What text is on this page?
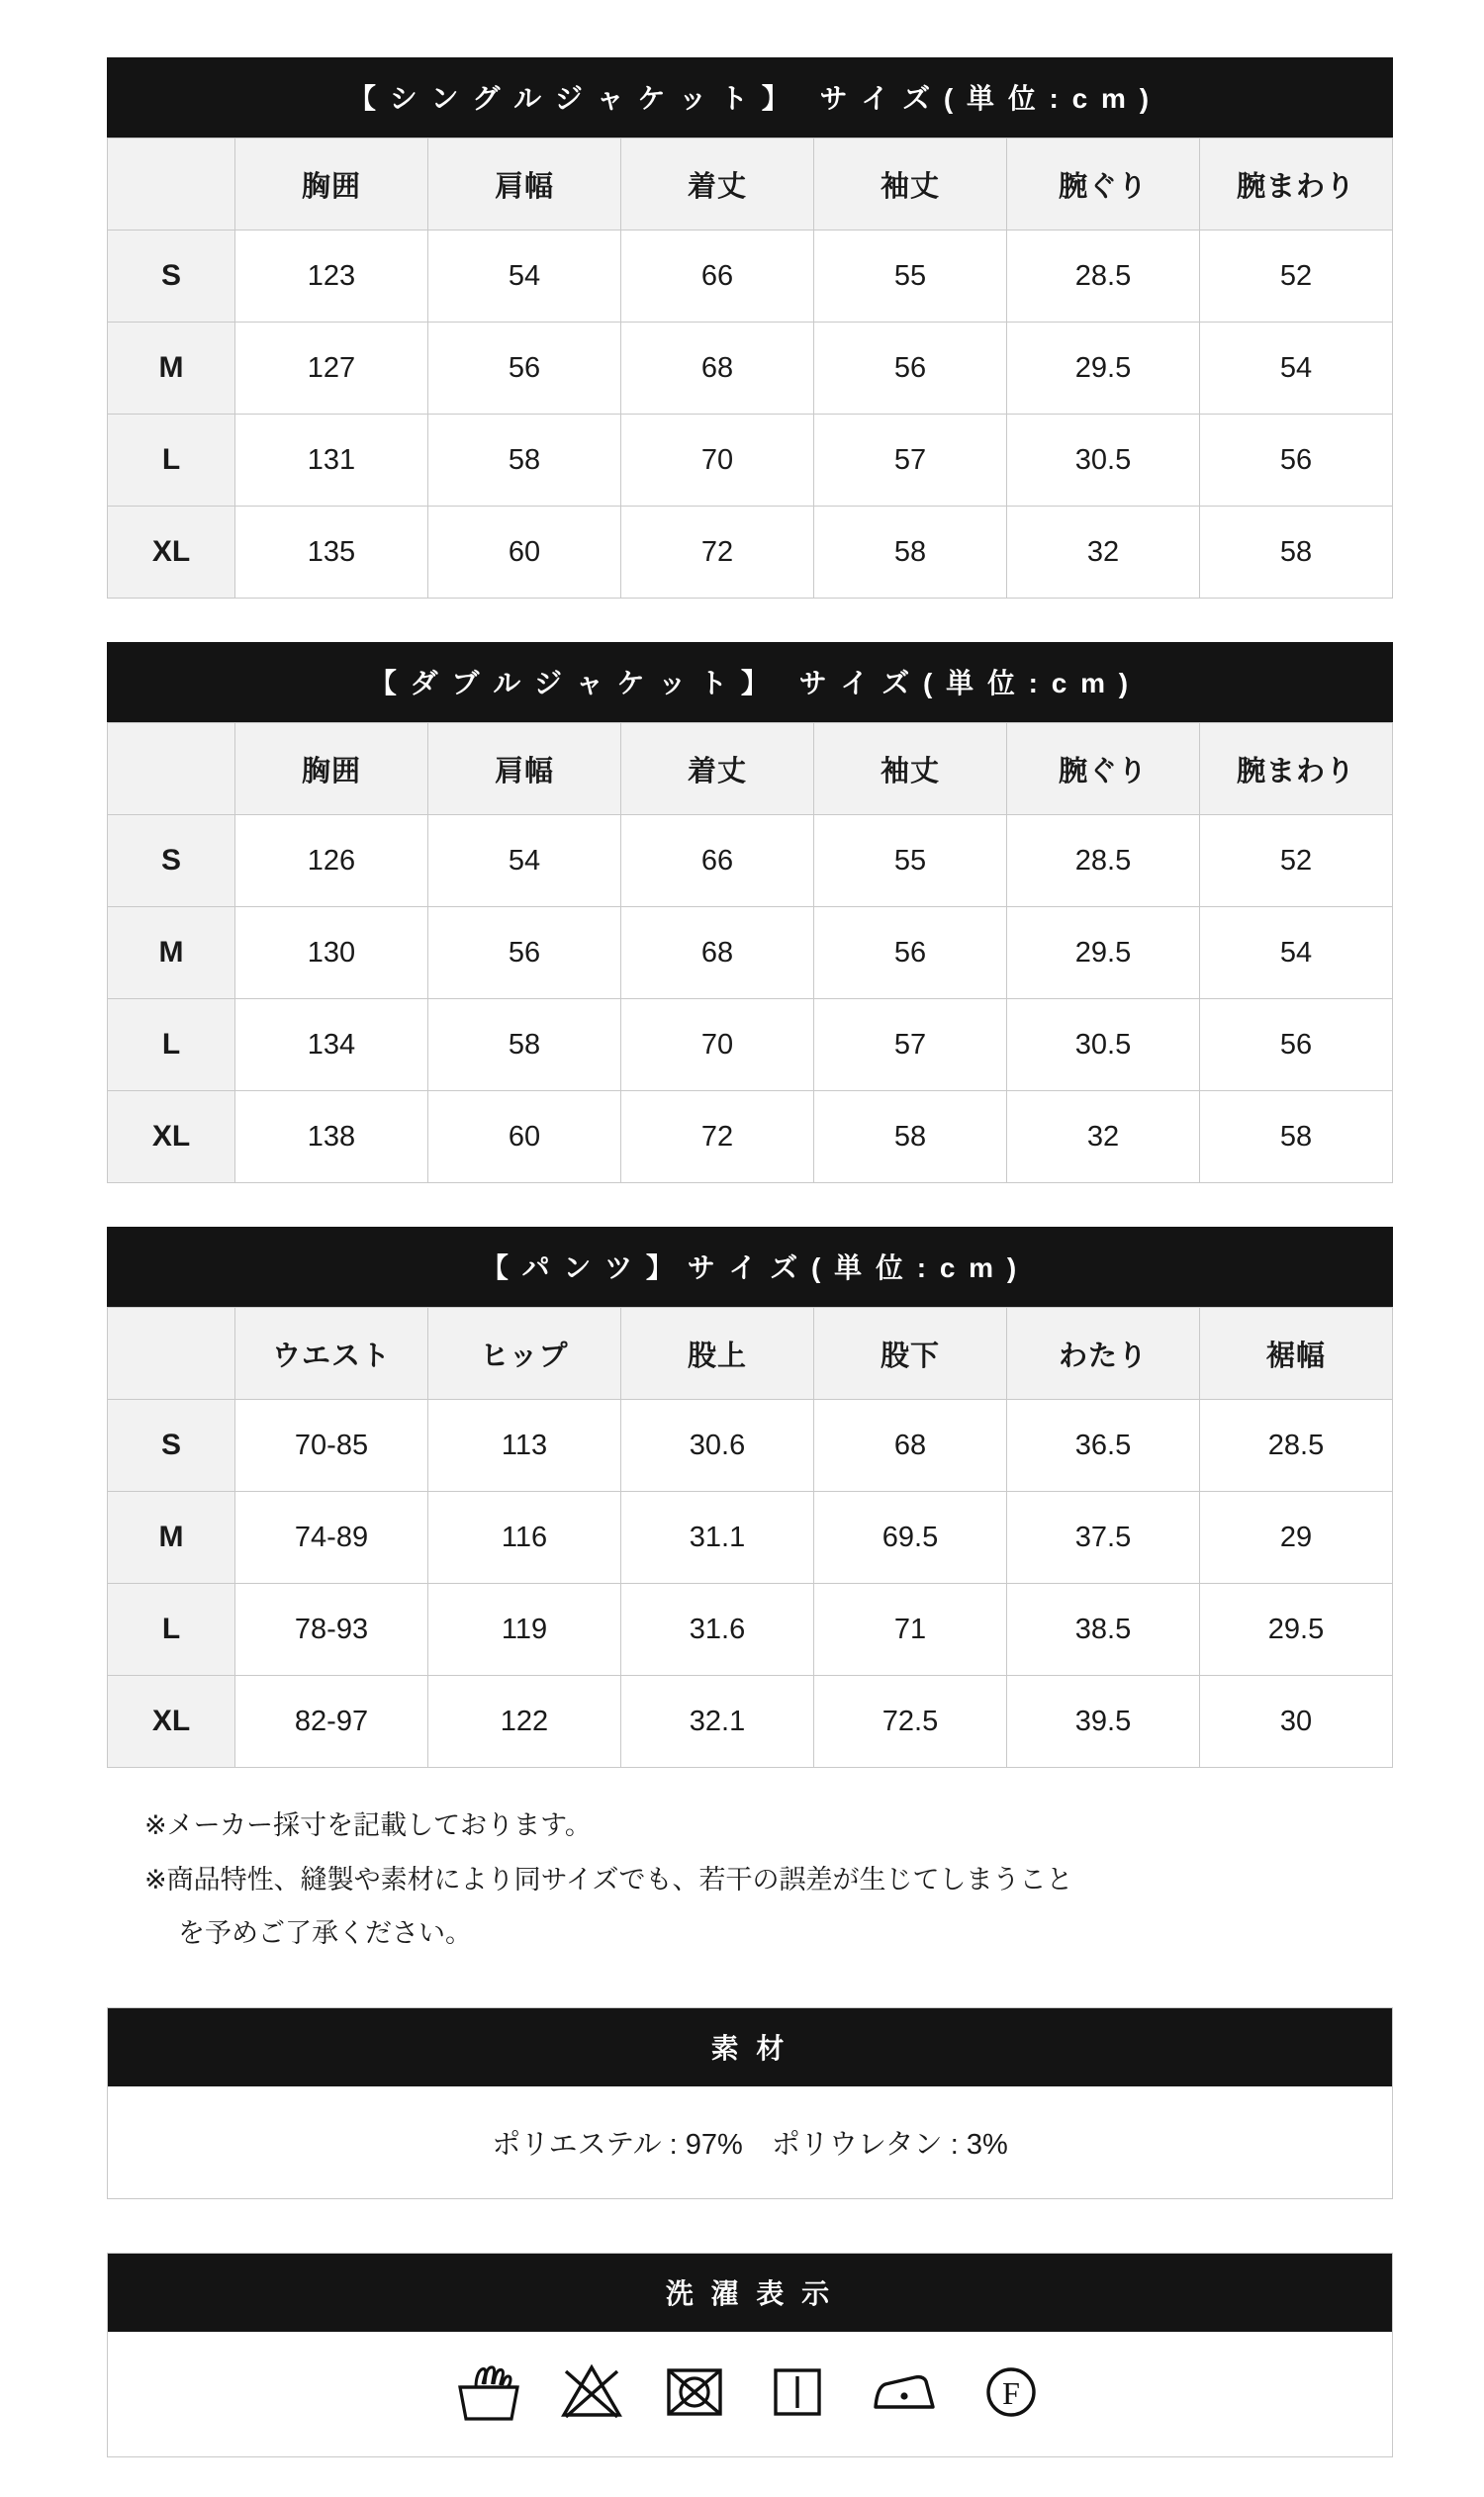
【 シ ン グ ル ジ ャ ケ ッ ト 】　 サ イ ズ ( 単 位 : c m )
	胸囲	肩幅	着丈	袖丈	腕ぐり	腕まわり
S	123	54	66	55	28.5	52
M	127	56	68	56	29.5	54
L	131	58	70	57	30.5	56
XL	135	60	72	58	32	58
【 ダ ブ ル ジ ャ ケ ッ ト 】　 サ イ ズ ( 単 位 : c m )
	胸囲	肩幅	着丈	袖丈	腕ぐり	腕まわり
S	126	54	66	55	28.5	52
M	130	56	68	56	29.5	54
L	134	58	70	57	30.5	56
XL	138	60	72	58	32	58
【 パ ン ツ 】 サ イ ズ ( 単 位 : c m )
	ウエスト	ヒップ	股上	股下	わたり	裾幅
S	70-85	113	30.6	68	36.5	28.5
M	74-89	116	31.1	69.5	37.5	29
L	78-93	119	31.6	71	38.5	29.5
XL	82-97	122	32.1	72.5	39.5	30

※メーカー採寸を記載しております。

※商品特性、縫製や素材により同サイズでも、若干の誤差が生じてしまうこと

を予めご了承ください。

素 材
ポリエステル : 97%　ポリウレタン : 3%
洗 濯 表 示
F
